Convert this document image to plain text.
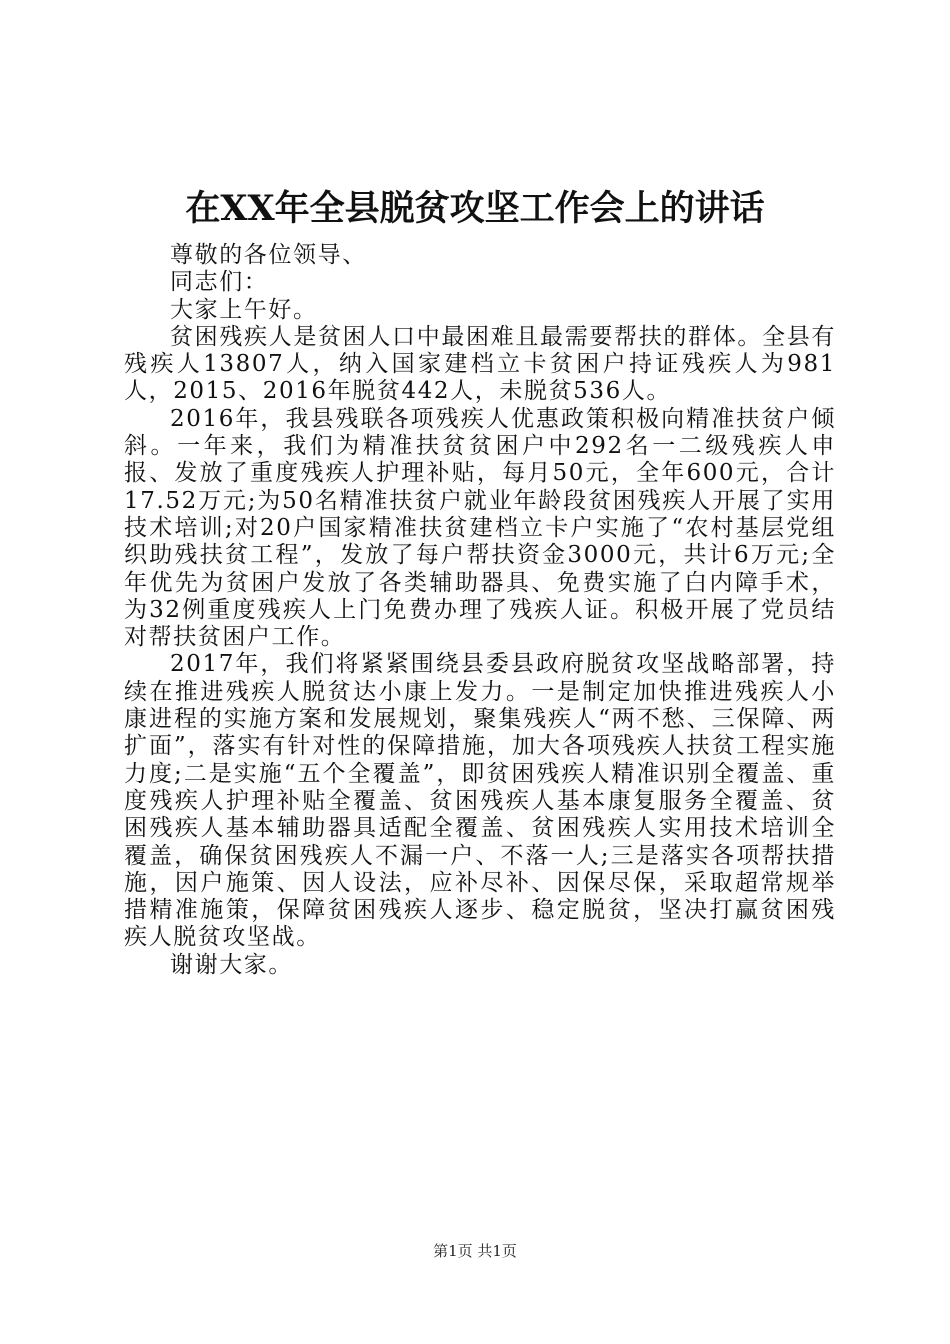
在XX年全县脱贫攻坚工作会上的讲话

尊敬的各位领导、

同志们：

大家上午好。

贫困残疾人是贫困人口中最困难且最需要帮扶的群体。全县有残疾人13807人，纳入国家建档立卡贫困户持证残疾人为981人，2015、2016年脱贫442人，未脱贫536人。

2016年，我县残联各项残疾人优惠政策积极向精准扶贫户倾斜。一年来，我们为精准扶贫贫困户中292名一二级残疾人申报、发放了重度残疾人护理补贴，每月50元，全年600元，合计17.52万元;为50名精准扶贫户就业年龄段贫困残疾人开展了实用技术培训;对20户国家精准扶贫建档立卡户实施了“农村基层党组织助残扶贫工程”，发放了每户帮扶资金3000元，共计6万元;全年优先为贫困户发放了各类辅助器具、免费实施了白内障手术，为32例重度残疾人上门免费办理了残疾人证。积极开展了党员结对帮扶贫困户工作。

2017年，我们将紧紧围绕县委县政府脱贫攻坚战略部署，持续在推进残疾人脱贫达小康上发力。一是制定加快推进残疾人小康进程的实施方案和发展规划，聚集残疾人“两不愁、三保障、两扩面”，落实有针对性的保障措施，加大各项残疾人扶贫工程实施力度;二是实施“五个全覆盖”，即贫困残疾人精准识别全覆盖、重度残疾人护理补贴全覆盖、贫困残疾人基本康复服务全覆盖、贫困残疾人基本辅助器具适配全覆盖、贫困残疾人实用技术培训全覆盖，确保贫困残疾人不漏一户、不落一人;三是落实各项帮扶措施，因户施策、因人设法，应补尽补、因保尽保，采取超常规举措精准施策，保障贫困残疾人逐步、稳定脱贫，坚决打赢贫困残疾人脱贫攻坚战。

谢谢大家。

第1页 共1页
